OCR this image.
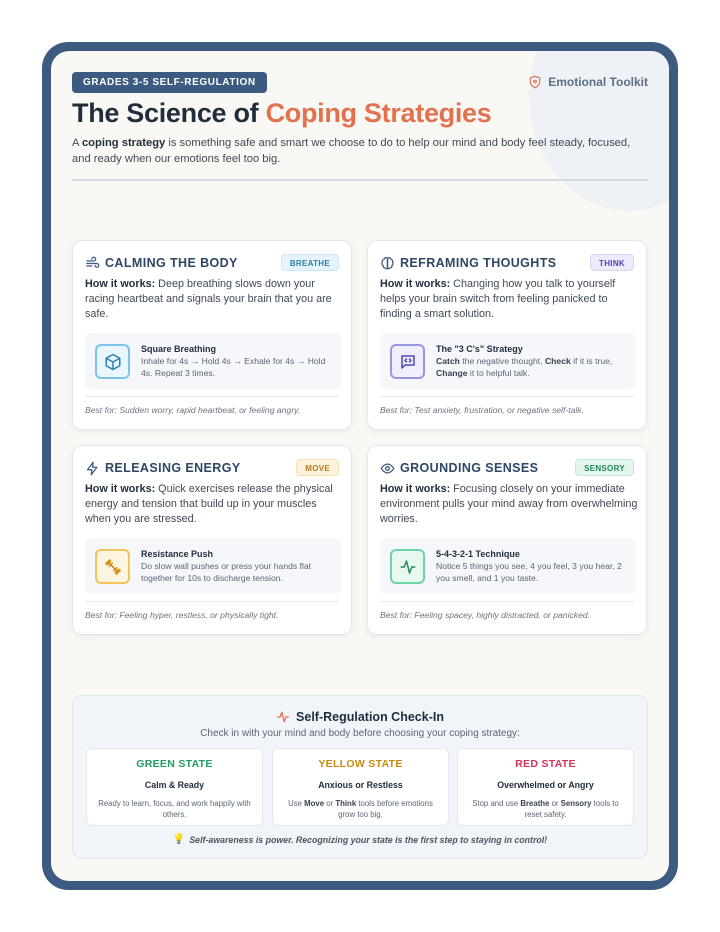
GRADES 3-5 SELF-REGULATION	Emotional Toolkit
The Science of Coping Strategies

A coping strategy is something safe and smart we choose to do to help our mind and body feel steady, focused, and ready when our emotions feel too big.

CALMING THE BODY	BREATHE

How it works: Deep breathing slows down your racing heartbeat and signals your brain that you are safe.

Square Breathing
Inhale for 4s → Hold 4s → Exhale for 4s → Hold 4s. Repeat 3 times.
Best for: Sudden worry, rapid heartbeat, or feeling angry.
REFRAMING THOUGHTS	THINK

How it works: Changing how you talk to yourself helps your brain switch from feeling panicked to finding a smart solution.

The "3 C's" Strategy
Catch the negative thought, Check if it is true, Change it to helpful talk.
Best for: Test anxiety, frustration, or negative self-talk.
RELEASING ENERGY	MOVE

How it works: Quick exercises release the physical energy and tension that build up in your muscles when you are stressed.

Resistance Push
Do slow wall pushes or press your hands flat together for 10s to discharge tension.
Best for: Feeling hyper, restless, or physically tight.
GROUNDING SENSES	SENSORY

How it works: Focusing closely on your immediate environment pulls your mind away from overwhelming worries.

5-4-3-2-1 Technique
Notice 5 things you see, 4 you feel, 3 you hear, 2 you smell, and 1 you taste.
Best for: Feeling spacey, highly distracted, or panicked.
Self-Regulation Check-In
Check in with your mind and body before choosing your coping strategy:
GREEN STATE
Calm & Ready
Ready to learn, focus, and work happily with others.
YELLOW STATE
Anxious or Restless
Use Move or Think tools before emotions grow too big.
RED STATE
Overwhelmed or Angry
Stop and use Breathe or Sensory tools to reset safety.
💡 Self-awareness is power. Recognizing your state is the first step to staying in control!
